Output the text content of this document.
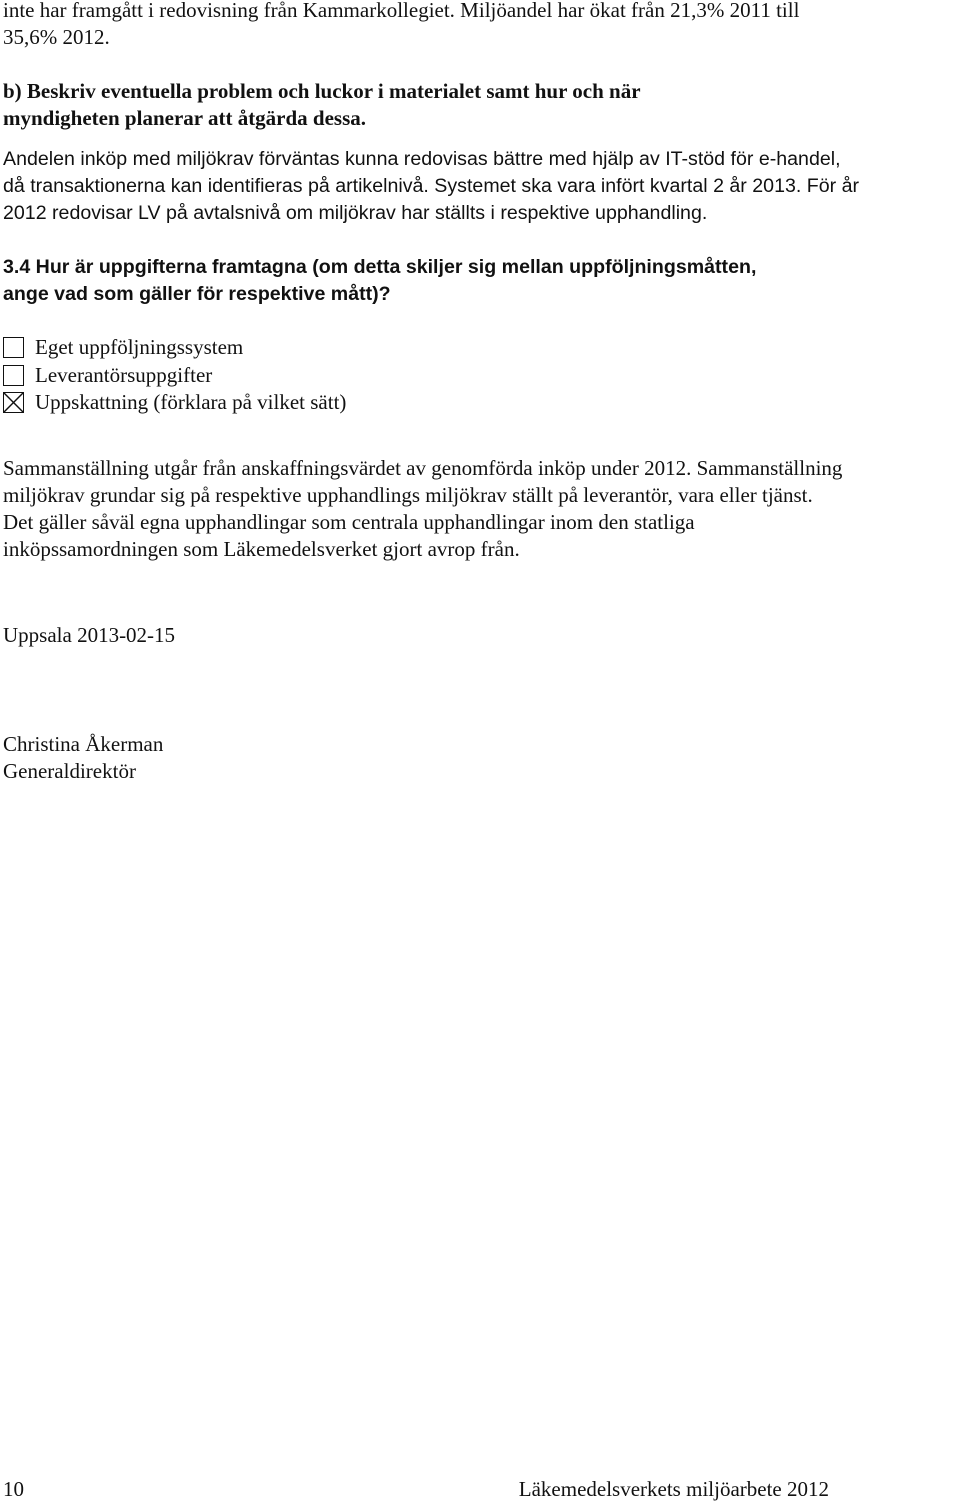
inte har framgått i redovisning från Kammarkollegiet. Miljöandel har ökat från 21,3% 2011 till
35,6% 2012.

b) Beskriv eventuella problem och luckor i materialet samt hur och när
myndigheten planerar att åtgärda dessa.

Andelen inköp med miljökrav förväntas kunna redovisas bättre med hjälp av IT-stöd för e-handel,
då transaktionerna kan identifieras på artikelnivå. Systemet ska vara infört kvartal 2 år 2013. För år
2012 redovisar LV på avtalsnivå om miljökrav har ställts i respektive upphandling.

3.4 Hur är uppgifterna framtagna (om detta skiljer sig mellan uppföljningsmåtten,
ange vad som gäller för respektive mått)?

Eget uppföljningssystem
Leverantörsuppgifter
Uppskattning (förklara på vilket sätt)

Sammanställning utgår från anskaffningsvärdet av genomförda inköp under 2012. Sammanställning
miljökrav grundar sig på respektive upphandlings miljökrav ställt på leverantör, vara eller tjänst.
Det gäller såväl egna upphandlingar som centrala upphandlingar inom den statliga
inköpssamordningen som Läkemedelsverket gjort avrop från.

Uppsala 2013-02-15

Christina Åkerman
Generaldirektör

10	Läkemedelsverkets miljöarbete 2012
